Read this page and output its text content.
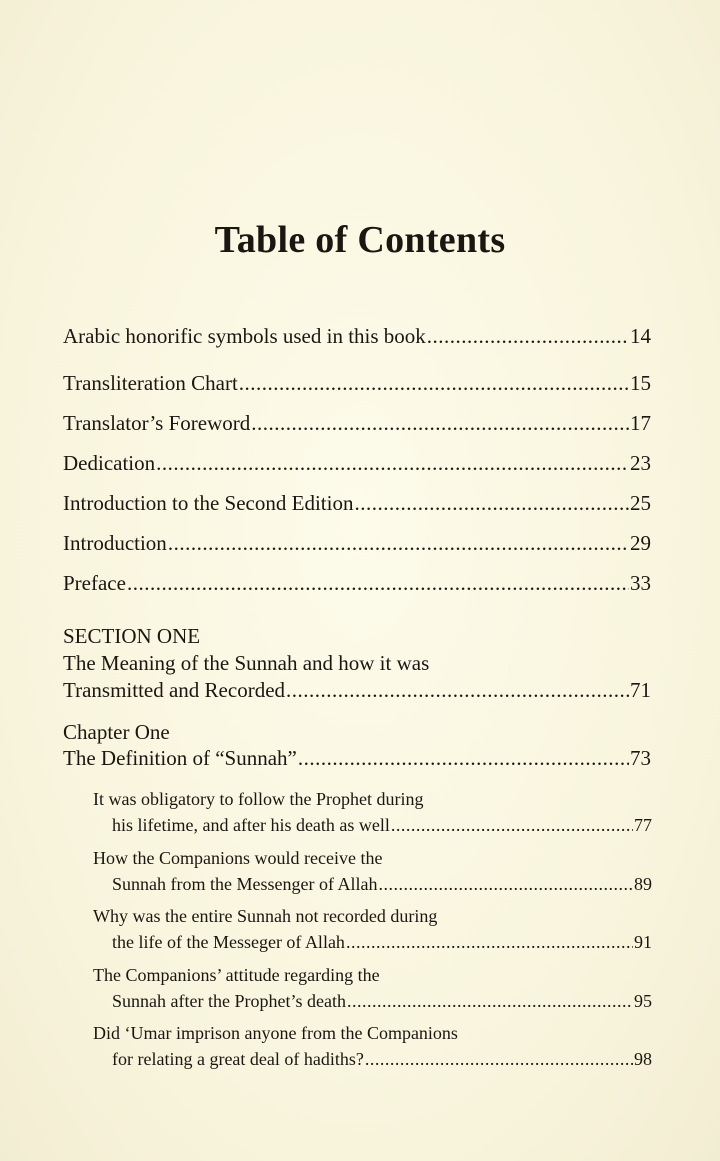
Table of Contents
Arabic honorific symbols used in this book .....	14
Transliteration Chart .....	15
Translator’s Foreword .....	17
Dedication .....	23
Introduction to the Second Edition .....	25
Introduction .....	29
Preface .....	33
SECTION ONE
The Meaning of the Sunnah and how it was
Transmitted and Recorded .....	71
Chapter One
The Definition of “Sunnah” .....	73
It was obligatory to follow the Prophet during
his lifetime, and after his death as well .....	77
How the Companions would receive the
Sunnah from the Messenger of Allah .....	89
Why was the entire Sunnah not recorded during
the life of the Messeger of Allah .....	91
The Companions’ attitude regarding the
Sunnah after the Prophet’s death .....	95
Did ‘Umar imprison anyone from the Companions
for relating a great deal of hadiths? .....	98
